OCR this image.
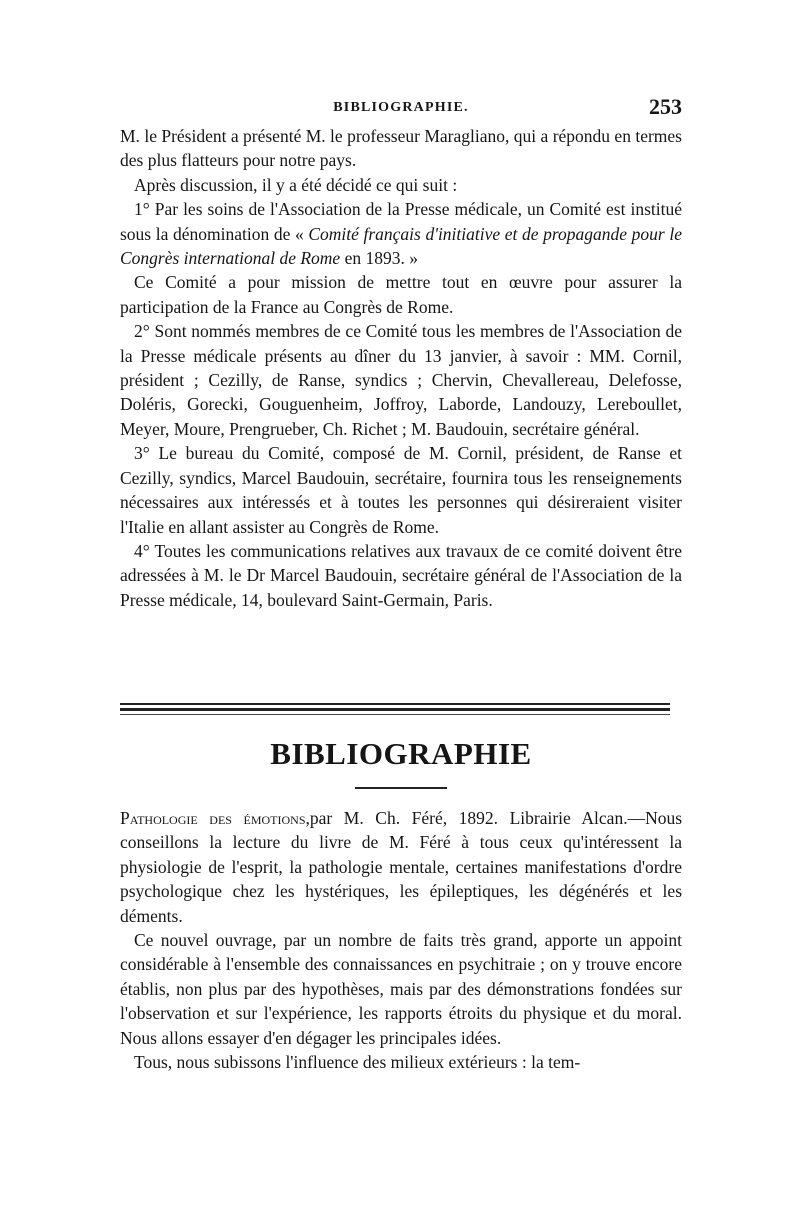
BIBLIOGRAPHIE.	253

M. le Président a présenté M. le professeur Maragliano, qui a répondu en termes des plus flatteurs pour notre pays.

Après discussion, il y a été décidé ce qui suit :

1° Par les soins de l'Association de la Presse médicale, un Comité est institué sous la dénomination de « Comité français d'initiative et de propagande pour le Congrès international de Rome en 1893. »

Ce Comité a pour mission de mettre tout en œuvre pour assurer la participation de la France au Congrès de Rome.

2° Sont nommés membres de ce Comité tous les membres de l'Association de la Presse médicale présents au dîner du 13 janvier, à savoir : MM. Cornil, président ; Cezilly, de Ranse, syndics ; Chervin, Chevallereau, Delefosse, Doléris, Gorecki, Gouguenheim, Joffroy, Laborde, Landouzy, Lereboullet, Meyer, Moure, Prengrueber, Ch. Richet ; M. Baudouin, secrétaire général.

3° Le bureau du Comité, composé de M. Cornil, président, de Ranse et Cezilly, syndics, Marcel Baudouin, secrétaire, fournira tous les renseignements nécessaires aux intéressés et à toutes les personnes qui désireraient visiter l'Italie en allant assister au Congrès de Rome.

4° Toutes les communications relatives aux travaux de ce comité doivent être adressées à M. le Dr Marcel Baudouin, secrétaire général de l'Association de la Presse médicale, 14, boulevard Saint-Germain, Paris.

BIBLIOGRAPHIE

Pathologie des émotions,par M. Ch. Féré, 1892. Librairie Alcan.—Nous conseillons la lecture du livre de M. Féré à tous ceux qu'intéressent la physiologie de l'esprit, la pathologie mentale, certaines manifestations d'ordre psychologique chez les hystériques, les épileptiques, les dégénérés et les déments.

Ce nouvel ouvrage, par un nombre de faits très grand, apporte un appoint considérable à l'ensemble des connaissances en psychitraie ; on y trouve encore établis, non plus par des hypothèses, mais par des démonstrations fondées sur l'observation et sur l'expérience, les rapports étroits du physique et du moral. Nous allons essayer d'en dégager les principales idées.

Tous, nous subissons l'influence des milieux extérieurs : la tem-
